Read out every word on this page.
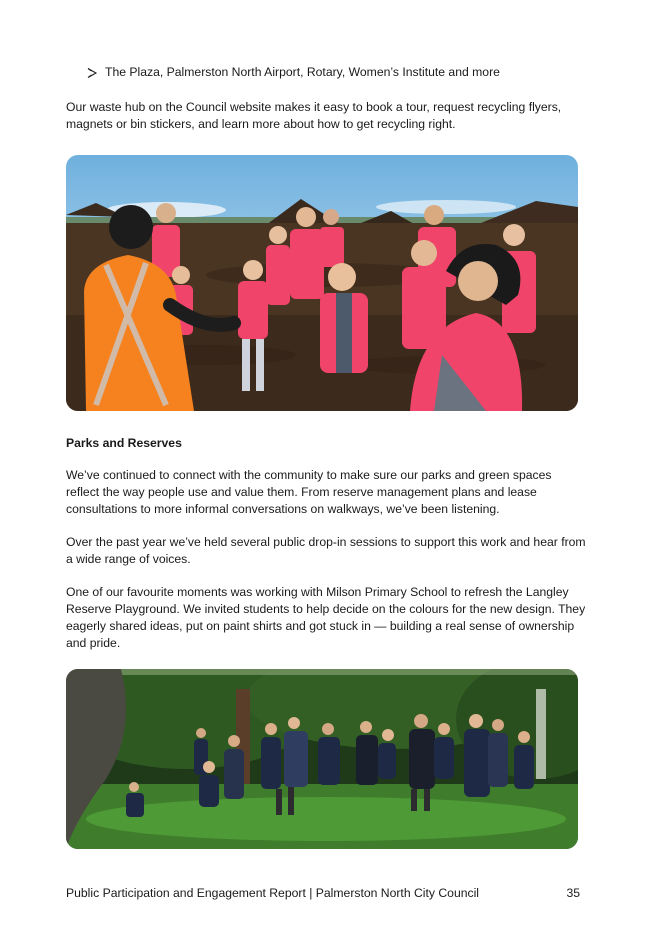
The Plaza, Palmerston North Airport, Rotary, Women’s Institute and more

Our waste hub on the Council website makes it easy to book a tour, request recycling flyers, magnets or bin stickers, and learn more about how to get recycling right.

Parks and Reserves

We’ve continued to connect with the community to make sure our parks and green spaces reflect the way people use and value them. From reserve management plans and lease consultations to more informal conversations on walkways, we’ve been listening.

Over the past year we’ve held several public drop-in sessions to support this work and hear from a wide range of voices.

One of our favourite moments was working with Milson Primary School to refresh the Langley Reserve Playground. We invited students to help decide on the colours for the new design. They eagerly shared ideas, put on paint shirts and got stuck in — building a real sense of ownership and pride.

Public Participation and Engagement Report | Palmerston North City Council	35
